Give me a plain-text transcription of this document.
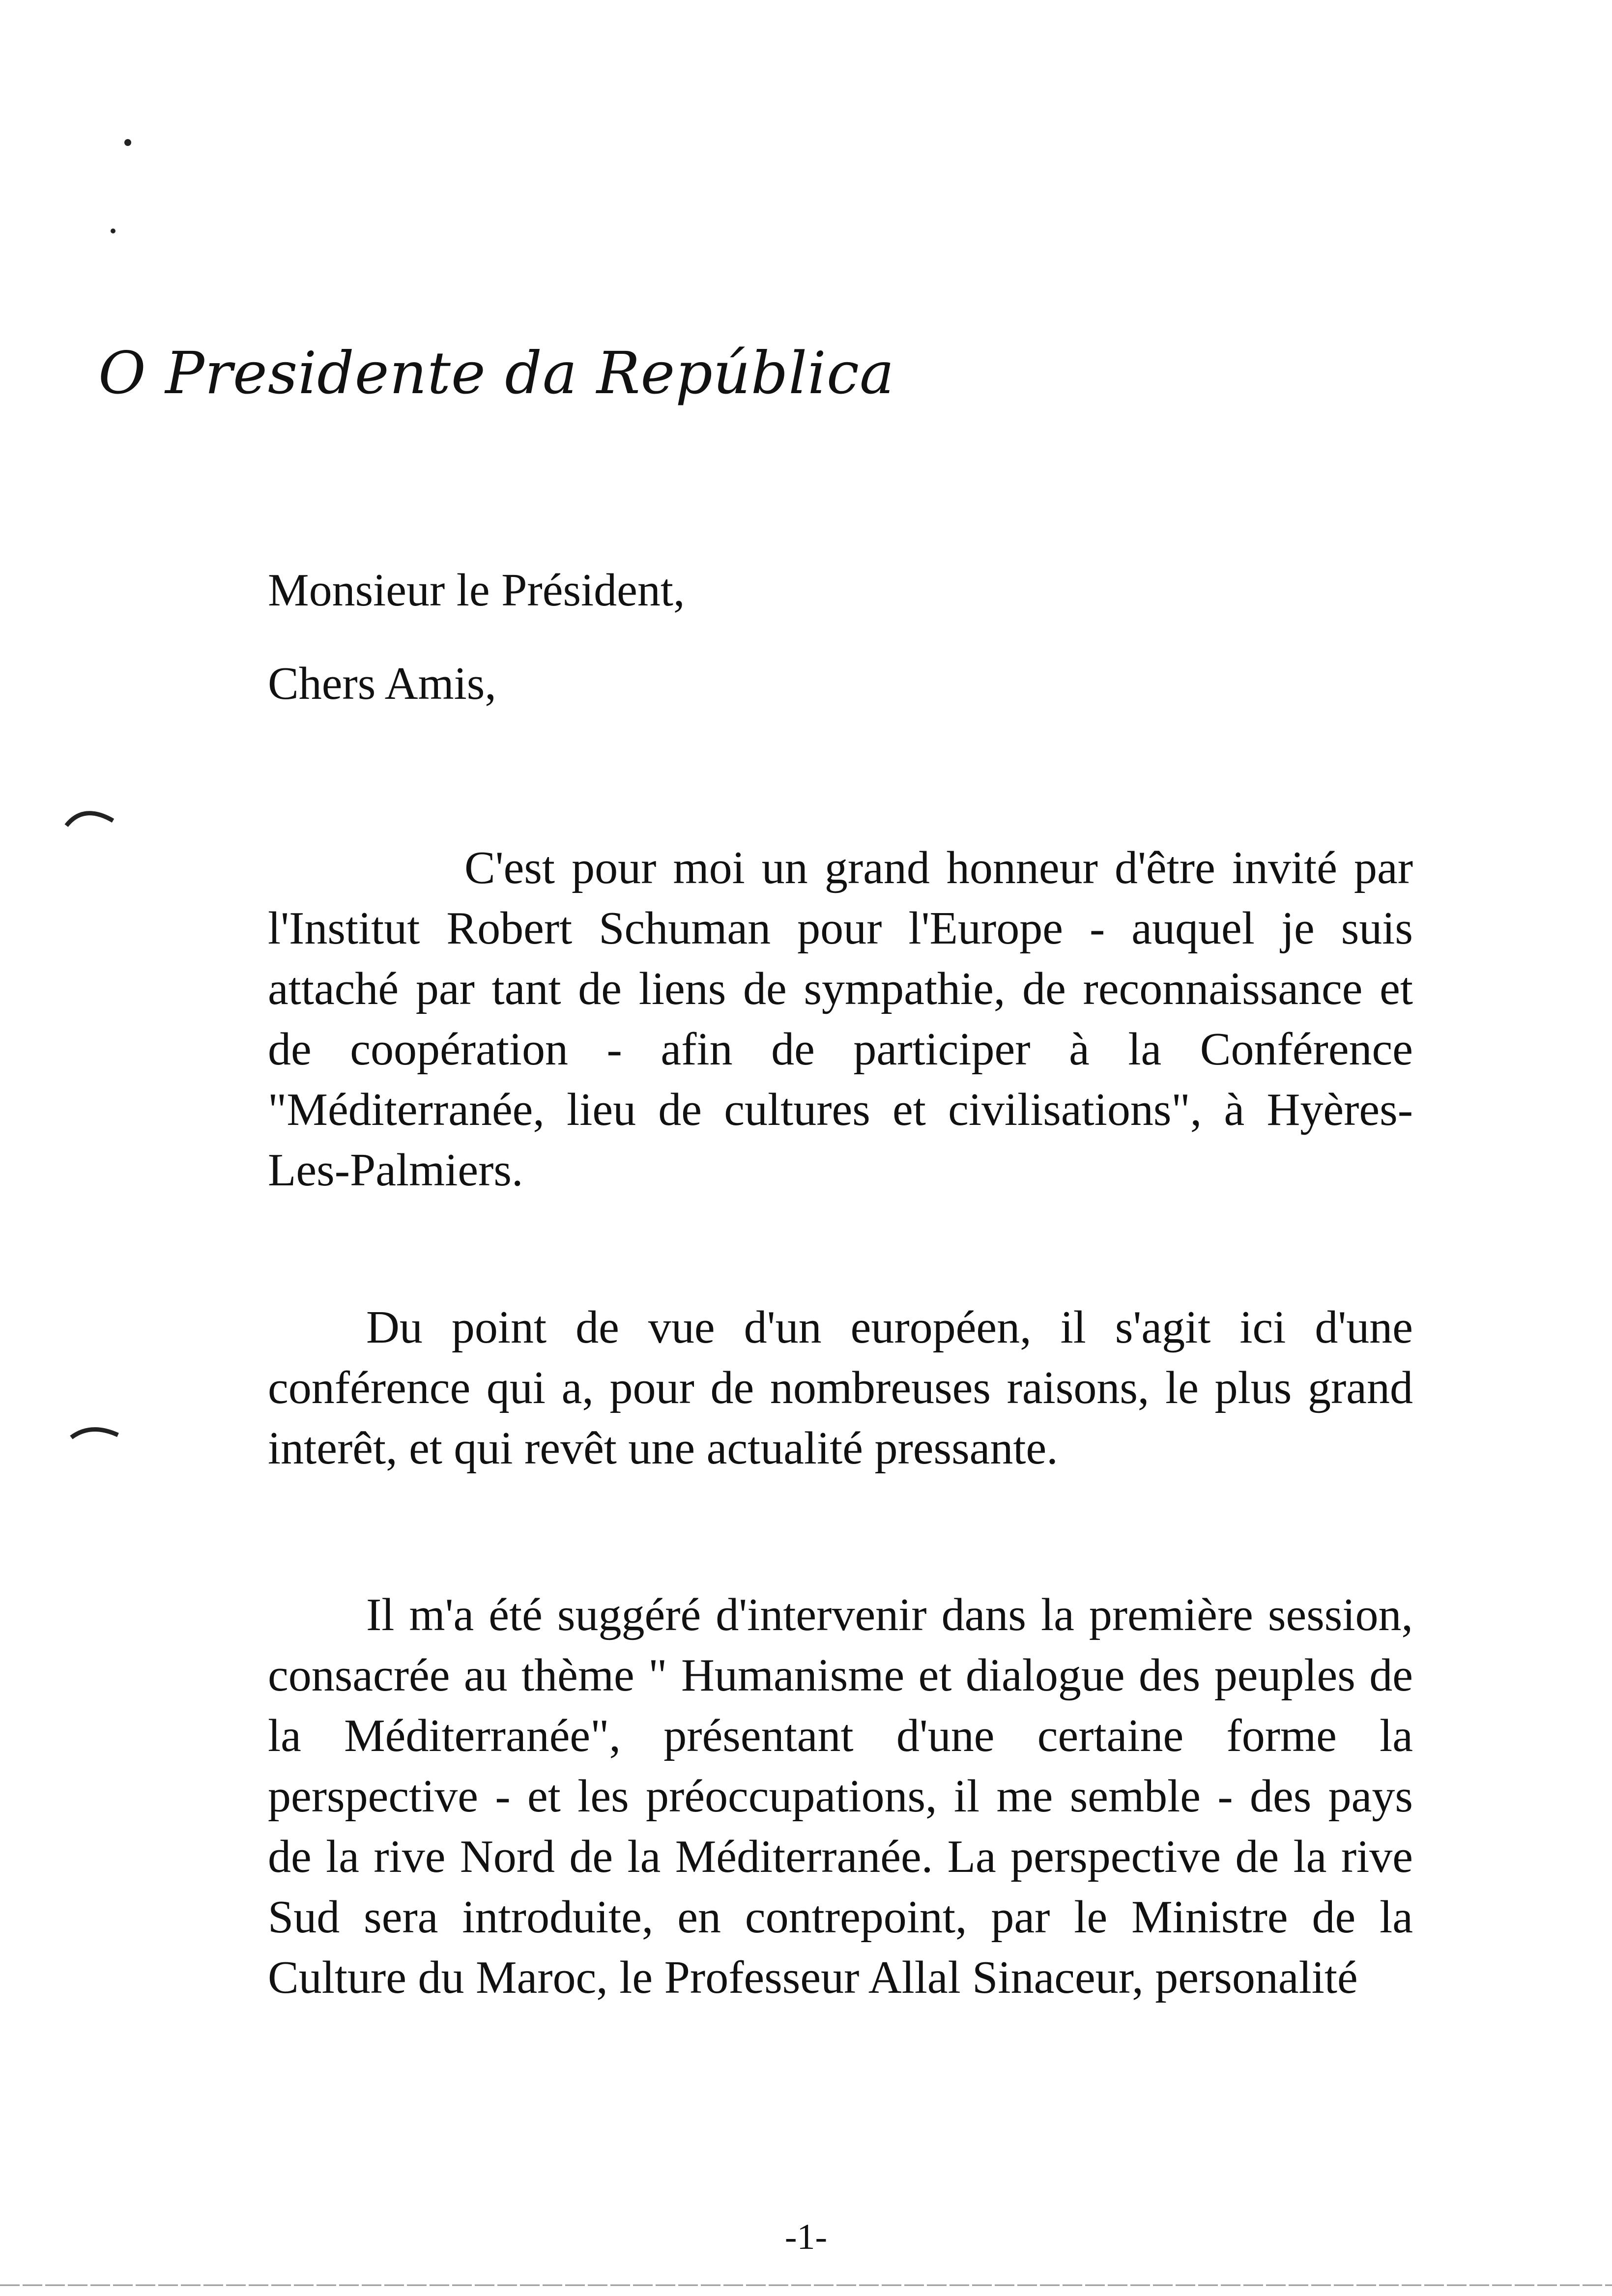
O Presidente da República

Monsieur le Président,

Chers Amis,

C'est pour moi un grand honneur d'être invité par l'Institut Robert Schuman pour l'Europe - auquel je suis attaché par tant de liens de sympathie, de reconnaissance et de coopération - afin de participer à la Conférence "Méditerranée, lieu de cultures et civilisations", à Hyères-Les-Palmiers.

Du point de vue d'un européen, il s'agit ici d'une conférence qui a, pour de nombreuses raisons, le plus grand interêt, et qui revêt une actualité pressante.

Il m'a été suggéré d'intervenir dans la première session, consacrée au thème " Humanisme et dialogue des peuples de la Méditerranée", présentant d'une certaine forme la perspective - et les préoccupations, il me semble - des pays de la rive Nord de la Méditerranée. La perspective de la rive Sud sera introduite, en contrepoint, par le Ministre de la Culture du Maroc, le Professeur Allal Sinaceur, personalité

-1-
